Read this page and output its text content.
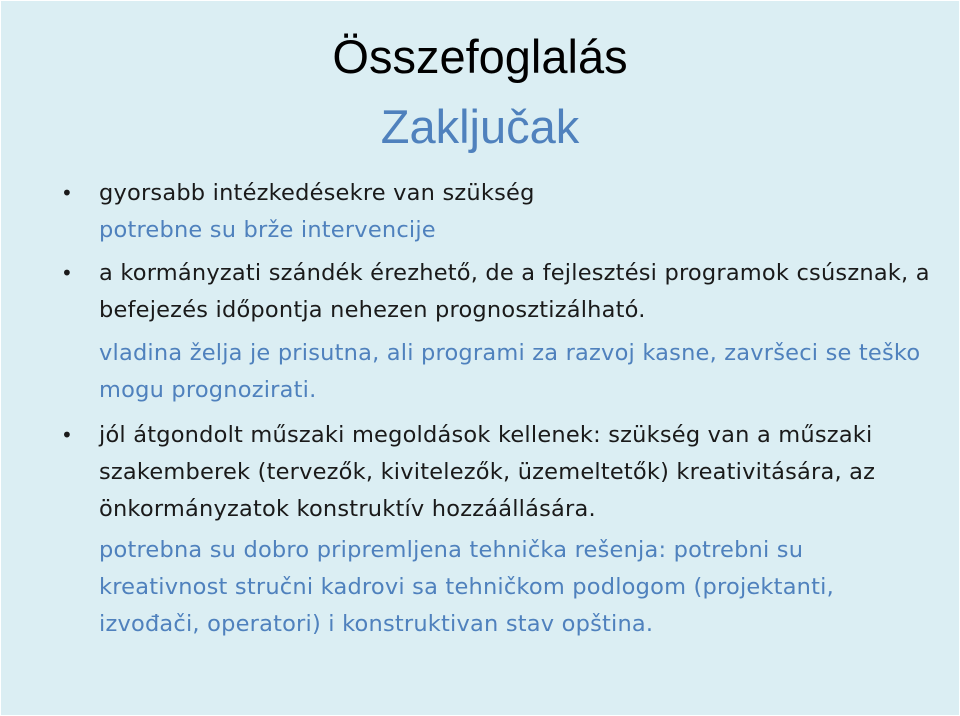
Összefoglalás
Zaključak
• gyorsabb intézkedésekre van szükség
potrebne su brže intervencije
• a kormányzati szándék érezhető, de a fejlesztési programok csúsznak, a befejezés időpontja nehezen prognosztizálható.
vladina želja je prisutna, ali programi za razvoj kasne, završeci se teško mogu prognozirati.
• jól átgondolt műszaki megoldások kellenek: szükség van a műszaki szakemberek (tervezők, kivitelezők, üzemeltetők) kreativitására, az önkormányzatok konstruktív hozzáállására.
potrebna su dobro pripremljena tehnička rešenja: potrebni su kreativnost stručni kadrovi sa tehničkom podlogom (projektanti, izvođači, operatori) i konstruktivan stav opština.
